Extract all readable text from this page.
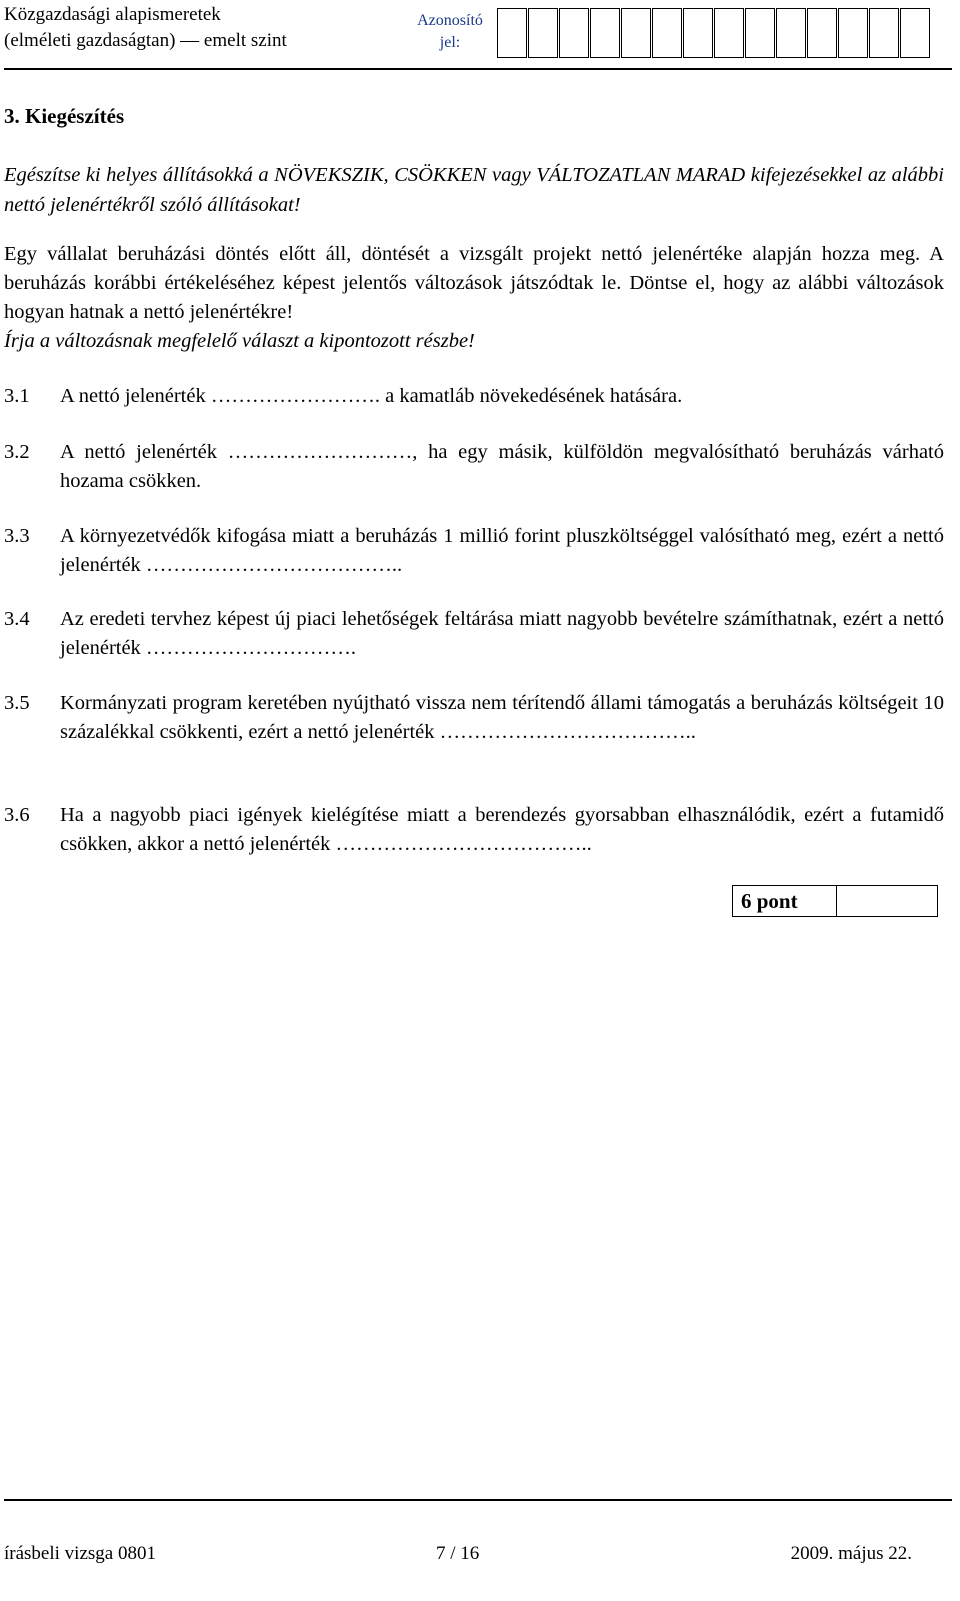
Közgazdasági alapismeretek
(elméleti gazdaságtan) — emelt szint
Azonosító
jel:
3. Kiegészítés
Egészítse ki helyes állításokká a NÖVEKSZIK, CSÖKKEN vagy VÁLTOZATLAN MARAD kifejezésekkel az alábbi nettó jelenértékről szóló állításokat!
Egy vállalat beruházási döntés előtt áll, döntését a vizsgált projekt nettó jelenértéke alapján hozza meg. A beruházás korábbi értékeléséhez képest jelentős változások játszódtak le. Döntse el, hogy az alábbi változások hogyan hatnak a nettó jelenértékre!
Írja a változásnak megfelelő választ a kipontozott részbe!
3.1 A nettó jelenérték ……………………. a kamatláb növekedésének hatására.
3.2 A nettó jelenérték ………………………, ha egy másik, külföldön megvalósítható beruházás várható hozama csökken.
3.3 A környezetvédők kifogása miatt a beruházás 1 millió forint pluszköltséggel valósítható meg, ezért a nettó jelenérték ………………………………..
3.4 Az eredeti tervhez képest új piaci lehetőségek feltárása miatt nagyobb bevételre számíthatnak, ezért a nettó jelenérték ………………………….
3.5 Kormányzati program keretében nyújtható vissza nem térítendő állami támogatás a beruházás költségeit 10 százalékkal csökkenti, ezért a nettó jelenérték ………………………………..
3.6 Ha a nagyobb piaci igények kielégítése miatt a berendezés gyorsabban elhasználódik, ezért a futamidő csökken, akkor a nettó jelenérték ………………………………..
6 pont
írásbeli vizsga 0801	7 / 16	2009. május 22.
